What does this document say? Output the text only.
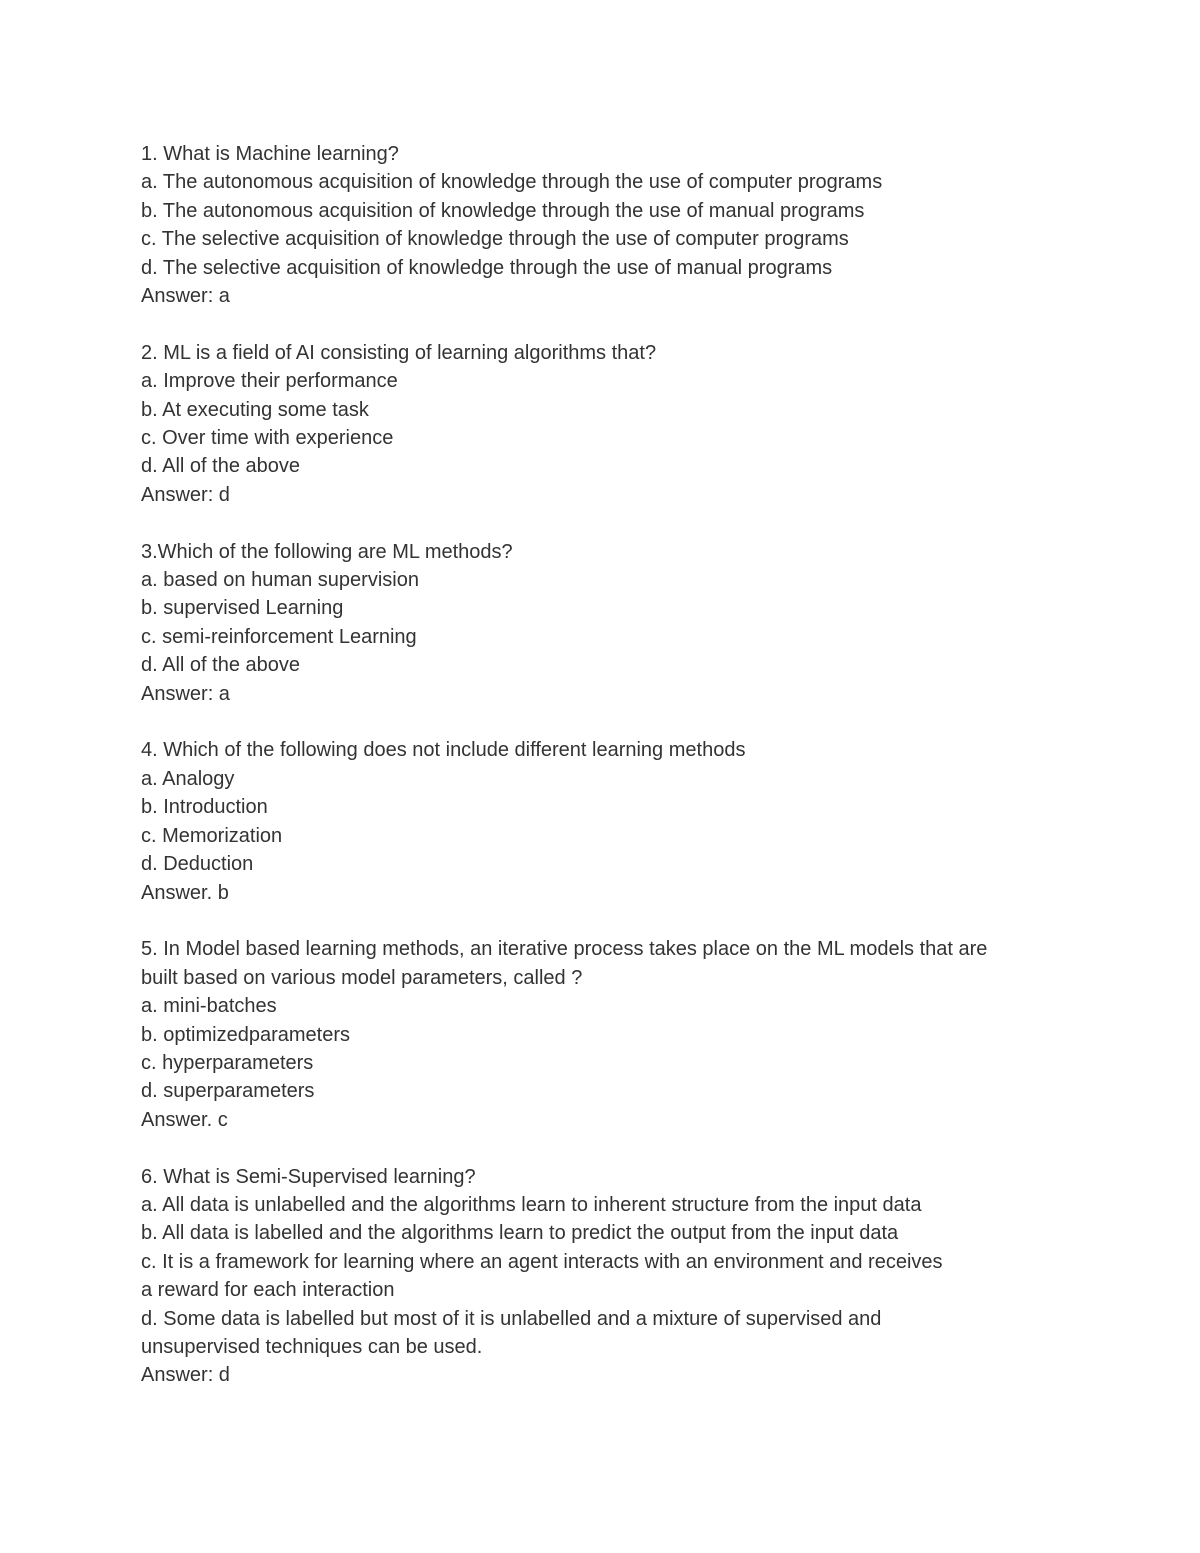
1. What is Machine learning?
a. The autonomous acquisition of knowledge through the use of computer programs
b. The autonomous acquisition of knowledge through the use of manual programs
c. The selective acquisition of knowledge through the use of computer programs
d. The selective acquisition of knowledge through the use of manual programs
Answer: a
2. ML is a field of AI consisting of learning algorithms that?
a. Improve their performance
b. At executing some task
c. Over time with experience
d. All of the above
Answer: d
3.Which of the following are ML methods?
a. based on human supervision
b. supervised Learning
c. semi-reinforcement Learning
d. All of the above
Answer: a
4. Which of the following does not include different learning methods
a. Analogy
b. Introduction
c. Memorization
d. Deduction
Answer. b
5. In Model based learning methods, an iterative process takes place on the ML models that are
built based on various model parameters, called ?
a. mini-batches
b. optimizedparameters
c. hyperparameters
d. superparameters
Answer. c
6. What is Semi-Supervised learning?
a. All data is unlabelled and the algorithms learn to inherent structure from the input data
b. All data is labelled and the algorithms learn to predict the output from the input data
c. It is a framework for learning where an agent interacts with an environment and receives
a reward for each interaction
d. Some data is labelled but most of it is unlabelled and a mixture of supervised and
unsupervised techniques can be used.
Answer: d
